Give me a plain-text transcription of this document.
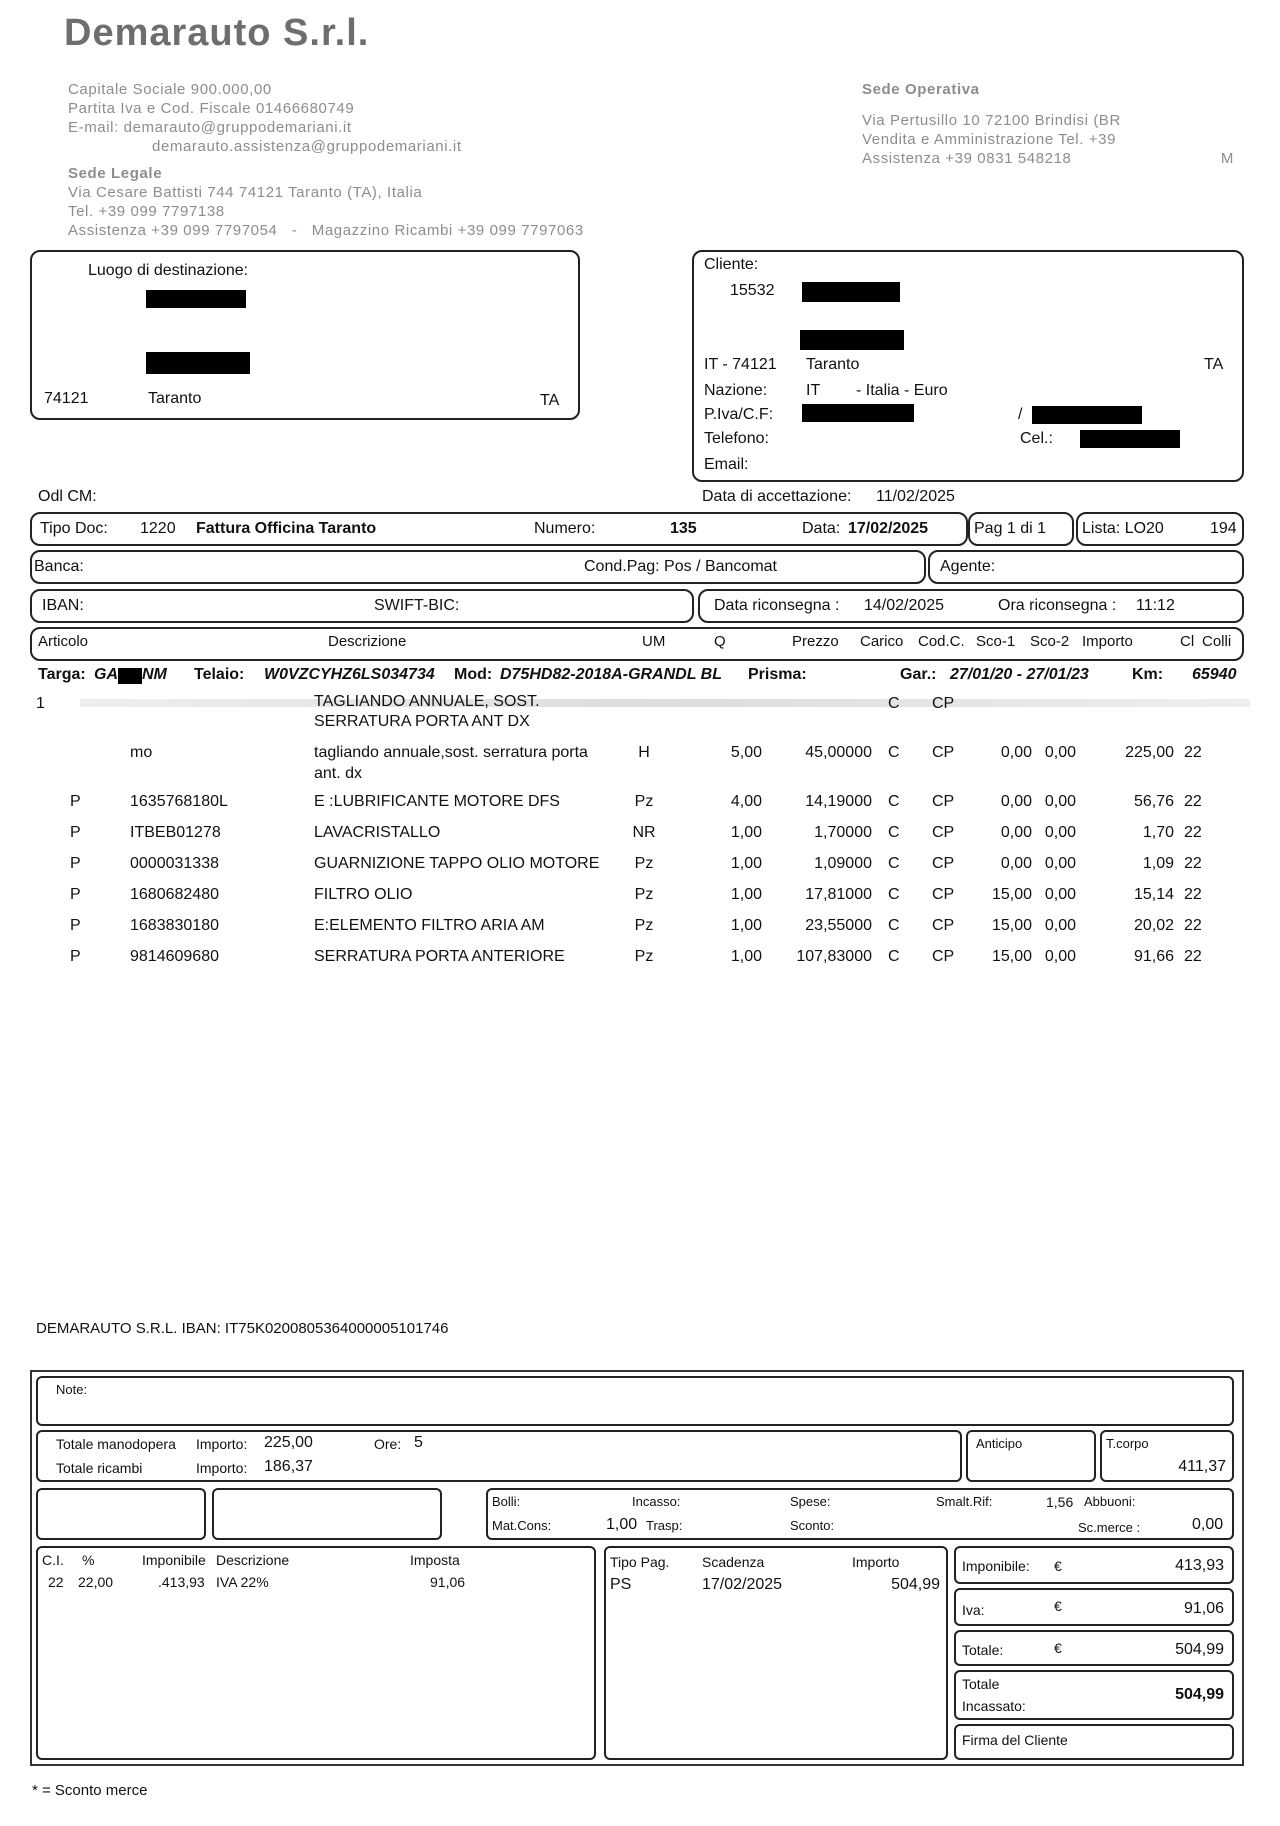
Demarauto S.r.l.
Capitale Sociale 900.000,00
Partita Iva e Cod. Fiscale 01466680749
E-mail: demarauto@gruppodemariani.it
demarauto.assistenza@gruppodemariani.it
Sede Legale
Via Cesare Battisti 744 74121 Taranto (TA), Italia
Tel. +39 099 7797138
Assistenza +39 099 7797054 - Magazzino Ricambi +39 099 7797063
Sede Operativa
Via Pertusillo 10 72100 Brindisi (BR
Vendita e Amministrazione Tel. +39
Assistenza +39 0831 548218	M
Luogo di destinazione:
74121	Taranto	TA
Cliente:
15532
IT - 74121 Taranto	TA
Nazione: IT - Italia - Euro
P.Iva/C.F:	/
Telefono:	Cel.:
Email:
Odl CM:	Data di accettazione: 11/02/2025
Tipo Doc: 1220 Fattura Officina Taranto	Numero:	135	Data: 17/02/2025	Pag 1 di 1 Lista: LO20	194
Banca:	Cond.Pag: Pos / Bancomat	Agente:
IBAN:	SWIFT-BIC:	Data riconsegna : 14/02/2025	Ora riconsegna : 11:12
Articolo	Descrizione	UM	Q	Prezzo Carico Cod.C. Sco-1 Sco-2 Importo	Cl Colli
Targa: GA NM Telaio: W0VZCYHZ6LS034734 Mod: D75HD82-2018A-GRANDL BL Prisma:	Gar.: 27/01/20 - 27/01/23	Km: 65940
1	TAGLIANDO ANNUALE, SOST.
SERRATURA PORTA ANT DX
C CP
mo	tagliando annuale,sost. serratura porta	H	5,00	45,00000 C CP	0,00 0,00	225,00 22
ant. dx
P	1635768180L	E :LUBRIFICANTE MOTORE DFS	Pz	4,00	14,19000 C CP	0,00 0,00	56,76 22
P	ITBEB01278	LAVACRISTALLO	NR	1,00	1,70000 C CP	0,00 0,00	1,70 22
P	0000031338	GUARNIZIONE TAPPO OLIO MOTORE	Pz	1,00	1,09000 C CP	0,00 0,00	1,09 22
P	1680682480	FILTRO OLIO	Pz	1,00	17,81000 C CP 15,00 0,00	15,14 22
P	1683830180	E:ELEMENTO FILTRO ARIA AM	Pz	1,00	23,55000 C CP 15,00 0,00	20,02 22
P	9814609680	SERRATURA PORTA ANTERIORE	Pz	1,00 107,83000 C CP 15,00 0,00	91,66 22
DEMARAUTO S.R.L. IBAN: IT75K0200805364000005101746
Note:
Totale manodopera Importo: 225,00	Ore: 5
Totale ricambi	Importo: 186,37
Anticipo	T.corpo
411,37
Bolli:	Incasso:	Spese:	Smalt.Rif:	1,56 Abbuoni:
Mat.Cons:	1,00 Trasp:	Sconto:	Sc.merce :	0,00
C.I. %	Imponibile Descrizione	Imposta
22 22,00	.413,93 IVA 22%	91,06
Tipo Pag. Scadenza	Importo
PS	17/02/2025	504,99
Imponibile: €	413,93
Iva:	€	91,06
Totale:	€	504,99
Totale
Incassato:
504,99
Firma del Cliente
* = Sconto merce
